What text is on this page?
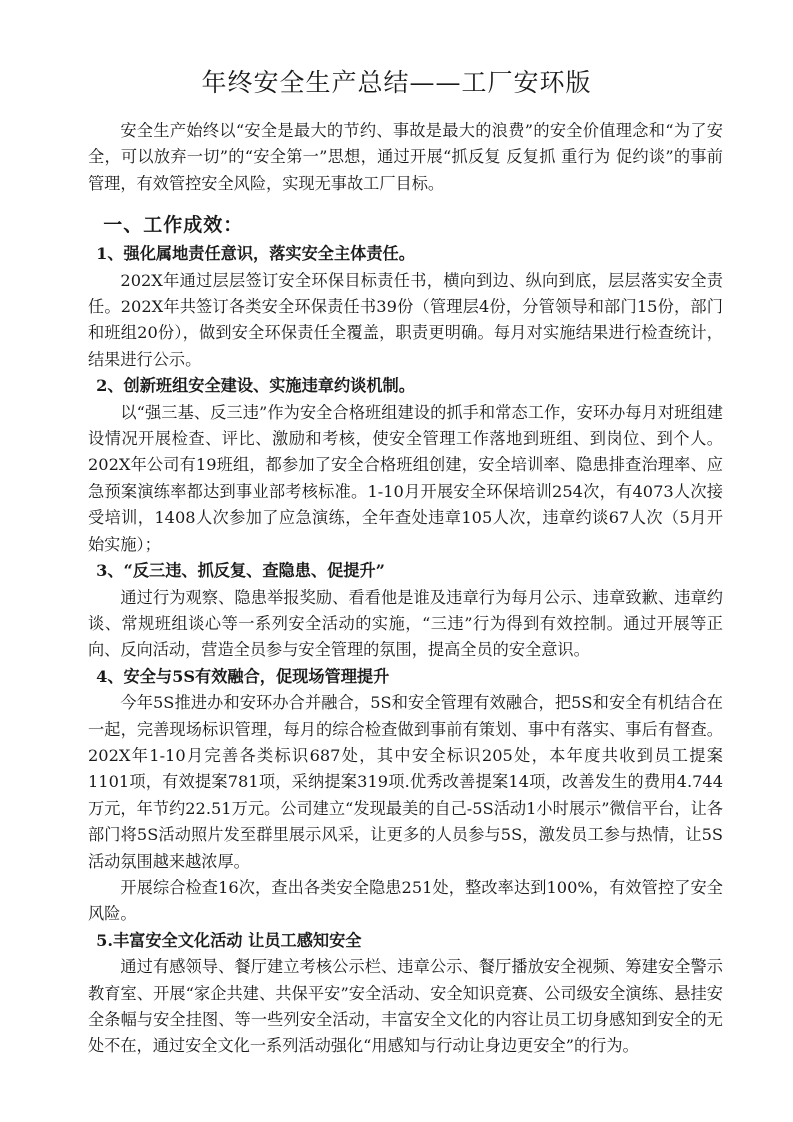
年终安全生产总结——工厂安环版

安全生产始终以“安全是最大的节约、事故是最大的浪费”的安全价值理念和“为了安全，可以放弃一切”的“安全第一”思想，通过开展“抓反复 反复抓 重行为 促约谈”的事前管理，有效管控安全风险，实现无事故工厂目标。

一、工作成效：

1、强化属地责任意识，落实安全主体责任。

202X年通过层层签订安全环保目标责任书，横向到边、纵向到底，层层落实安全责任。202X年共签订各类安全环保责任书39份（管理层4份，分管领导和部门15份，部门和班组20份），做到安全环保责任全覆盖，职责更明确。每月对实施结果进行检查统计，结果进行公示。

2、创新班组安全建设、实施违章约谈机制。

以“强三基、反三违”作为安全合格班组建设的抓手和常态工作，安环办每月对班组建设情况开展检查、评比、激励和考核，使安全管理工作落地到班组、到岗位、到个人。202X年公司有19班组，都参加了安全合格班组创建，安全培训率、隐患排查治理率、应急预案演练率都达到事业部考核标准。1-10月开展安全环保培训254次，有4073人次接受培训，1408人次参加了应急演练，全年查处违章105人次，违章约谈67人次（5月开始实施）；

3、“反三违、抓反复、查隐患、促提升”

通过行为观察、隐患举报奖励、看看他是谁及违章行为每月公示、违章致歉、违章约谈、常规班组谈心等一系列安全活动的实施，“三违”行为得到有效控制。通过开展等正向、反向活动，营造全员参与安全管理的氛围，提高全员的安全意识。

4、安全与5S有效融合，促现场管理提升

今年5S推进办和安环办合并融合，5S和安全管理有效融合，把5S和安全有机结合在一起，完善现场标识管理，每月的综合检查做到事前有策划、事中有落实、事后有督查。202X年1-10月完善各类标识687处，其中安全标识205处，本年度共收到员工提案1101项，有效提案781项，采纳提案319项.优秀改善提案14项，改善发生的费用4.744万元，年节约22.51万元。公司建立“发现最美的自己-5S活动1小时展示”微信平台，让各部门将5S活动照片发至群里展示风采，让更多的人员参与5S，激发员工参与热情，让5S活动氛围越来越浓厚。

开展综合检查16次，查出各类安全隐患251处，整改率达到100%，有效管控了安全风险。

5.丰富安全文化活动 让员工感知安全

通过有感领导、餐厅建立考核公示栏、违章公示、餐厅播放安全视频、筹建安全警示教育室、开展“家企共建、共保平安”安全活动、安全知识竞赛、公司级安全演练、悬挂安全条幅与安全挂图、等一些列安全活动，丰富安全文化的内容让员工切身感知到安全的无处不在，通过安全文化一系列活动强化“用感知与行动让身边更安全”的行为。
